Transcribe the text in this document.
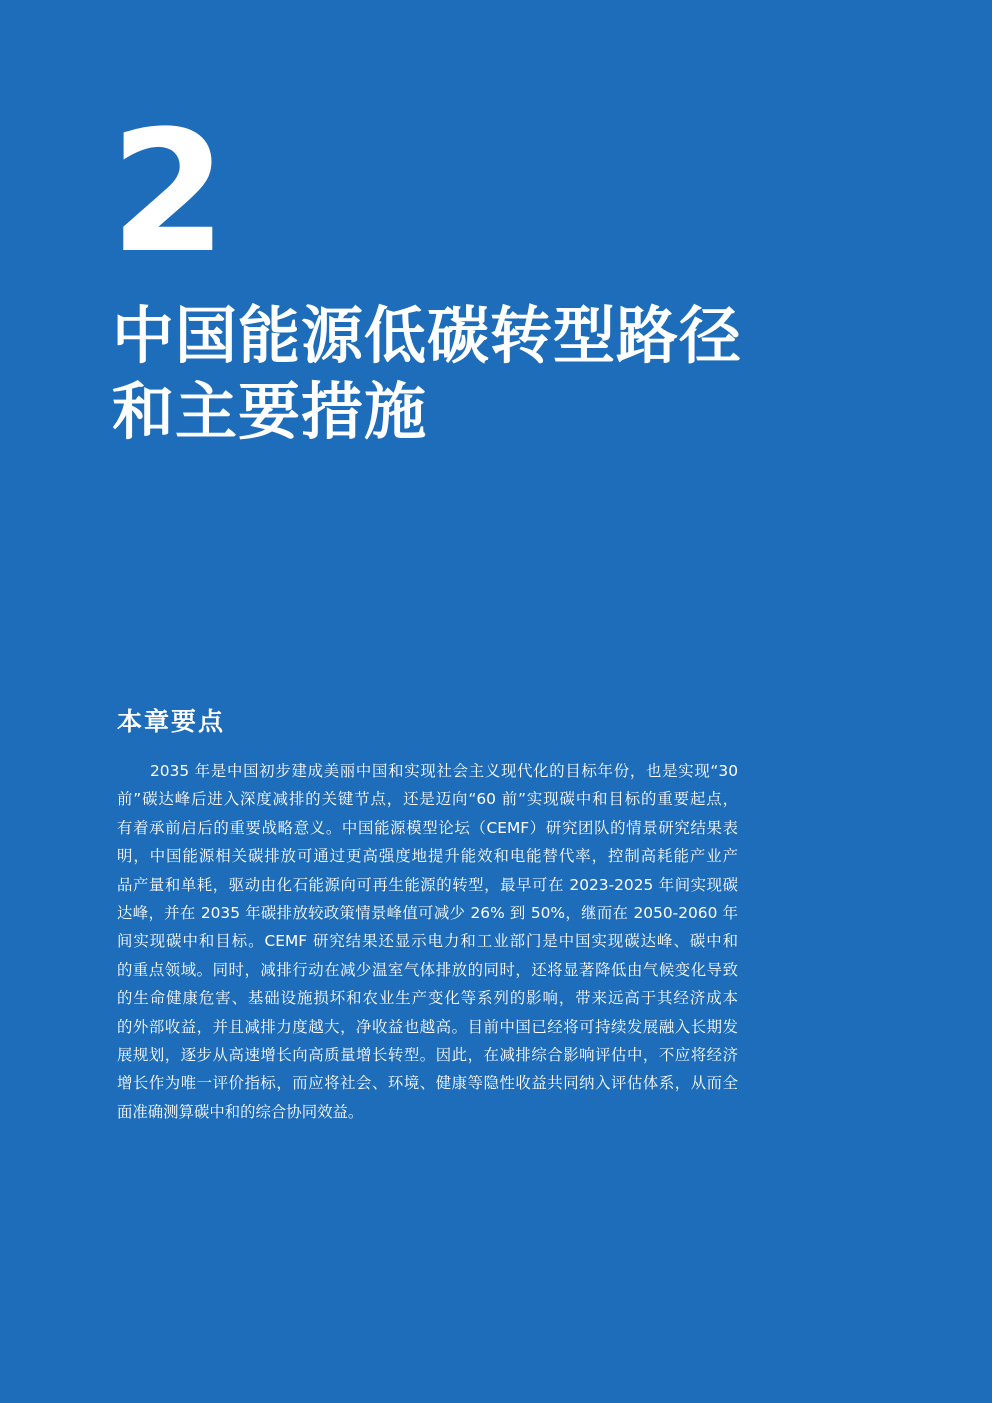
2
中国能源低碳转型路径
和主要措施
本章要点
2035 年是中国初步建成美丽中国和实现社会主义现代化的目标年份，也是实现“30
前”碳达峰后进入深度减排的关键节点，还是迈向“60 前”实现碳中和目标的重要起点，
有着承前启后的重要战略意义。中国能源模型论坛（CEMF）研究团队的情景研究结果表
明，中国能源相关碳排放可通过更高强度地提升能效和电能替代率，控制高耗能产业产
品产量和单耗，驱动由化石能源向可再生能源的转型，最早可在 2023-2025 年间实现碳
达峰，并在 2035 年碳排放较政策情景峰值可减少 26% 到 50%，继而在 2050-2060 年
间实现碳中和目标。CEMF 研究结果还显示电力和工业部门是中国实现碳达峰、碳中和
的重点领域。同时，减排行动在减少温室气体排放的同时，还将显著降低由气候变化导致
的生命健康危害、基础设施损坏和农业生产变化等系列的影响，带来远高于其经济成本
的外部收益，并且减排力度越大，净收益也越高。目前中国已经将可持续发展融入长期发
展规划，逐步从高速增长向高质量增长转型。因此，在减排综合影响评估中，不应将经济
增长作为唯一评价指标，而应将社会、环境、健康等隐性收益共同纳入评估体系，从而全
面准确测算碳中和的综合协同效益。
